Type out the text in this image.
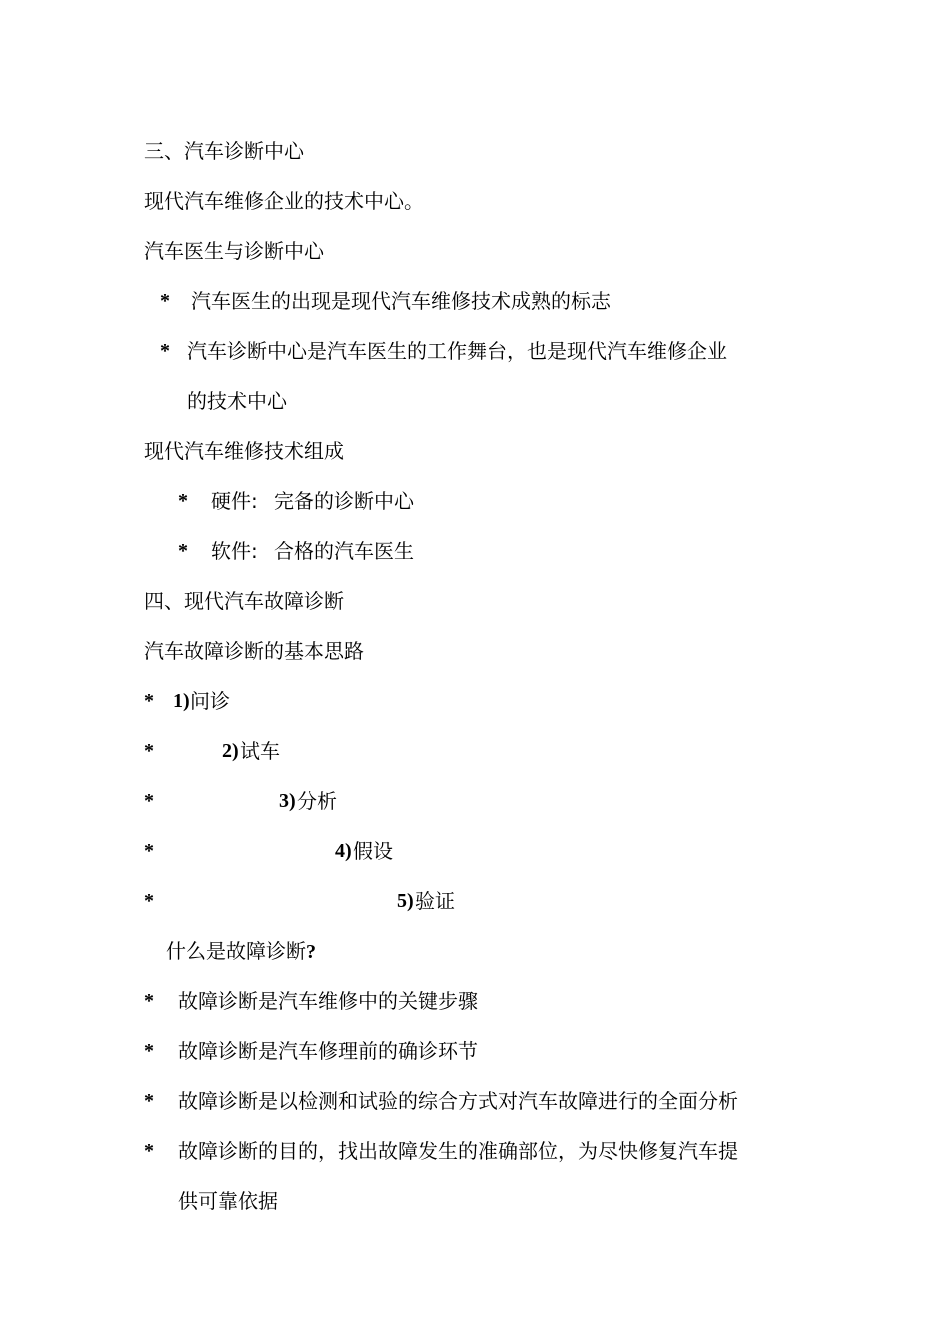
三、汽车诊断中心
现代汽车维修企业的技术中心。
汽车医生与诊断中心
* 汽车医生的出现是现代汽车维修技术成熟的标志
* 汽车诊断中心是汽车医生的工作舞台，也是现代汽车维修企业
的技术中心
现代汽车维修技术组成
* 硬件: 完备的诊断中心
* 软件: 合格的汽车医生
四、现代汽车故障诊断
汽车故障诊断的基本思路
* 1) 问诊
*	2) 试车
*	3) 分析
*	4) 假设
*	5) 验证
什么是故障诊断?
* 故障诊断是汽车维修中的关键步骤
* 故障诊断是汽车修理前的确诊环节
* 故障诊断是以检测和试验的综合方式对汽车故障进行的全面分析
* 故障诊断的目的，找出故障发生的准确部位，为尽快修复汽车提
供可靠依据
